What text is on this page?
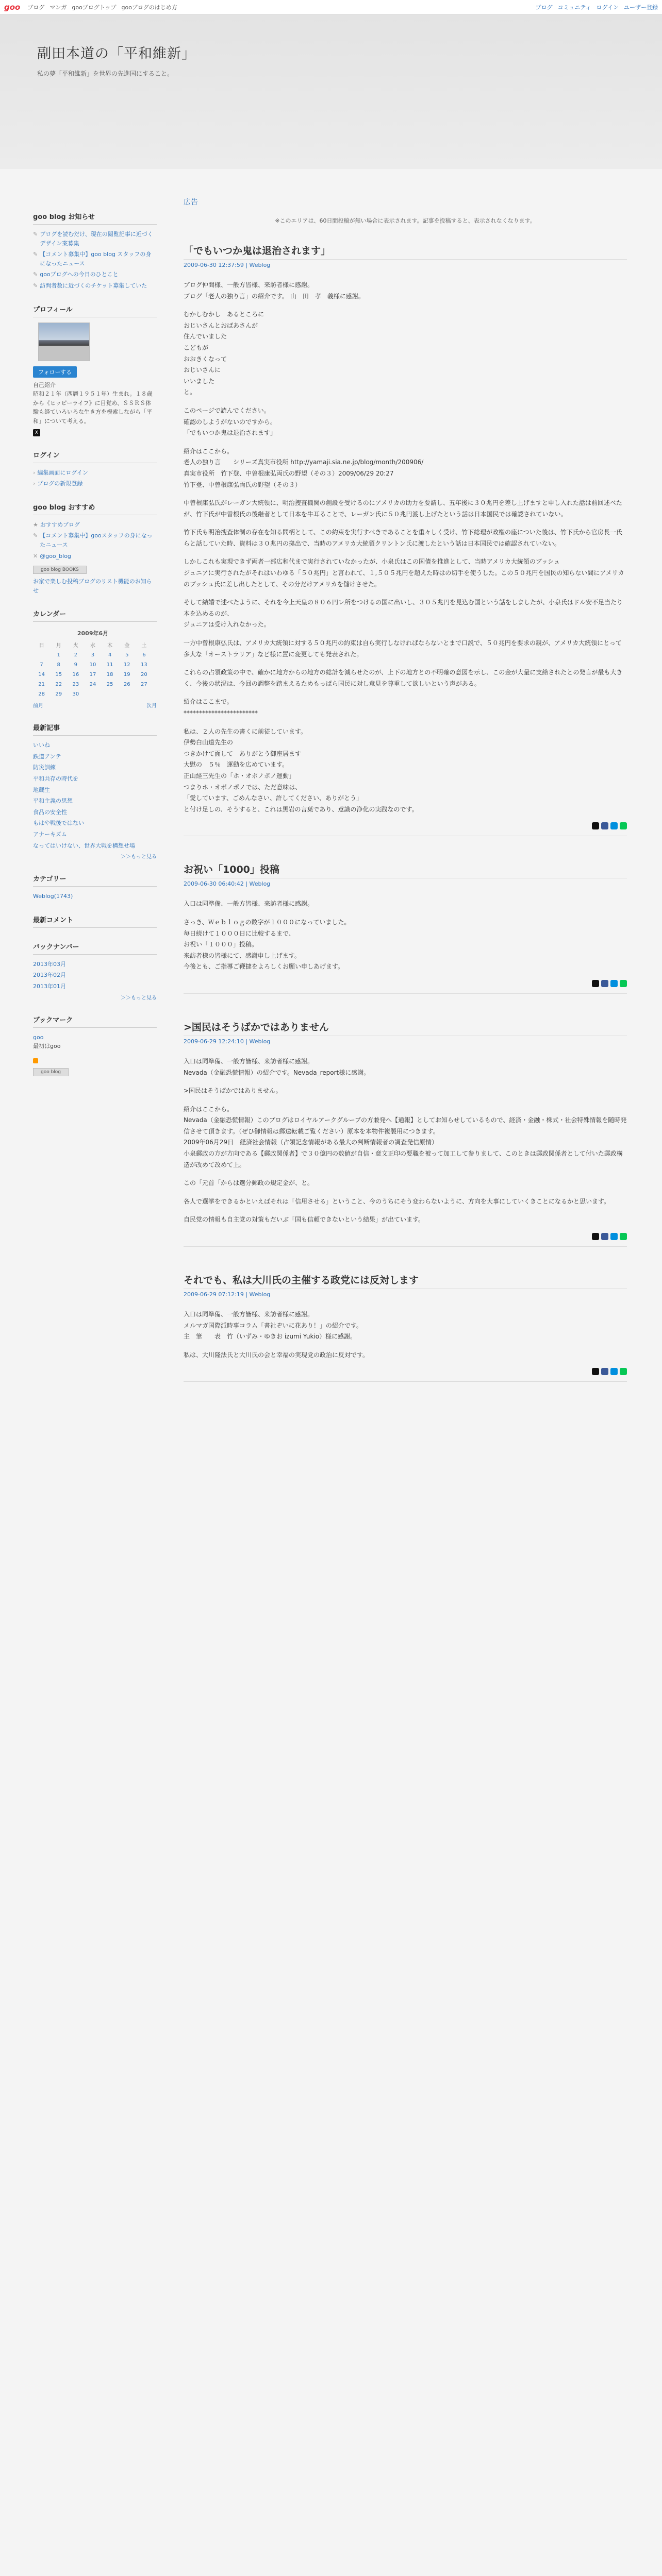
goo ブログ マンガ gooブログトップ gooブログのはじめ方	ブログ コミュニティ ログイン ユーザー登録
副田本道の「平和維新」
私の夢「平和維新」を世界の先進国にすること。
goo blog お知らせ
✎ ブログを読むだけ、現在の閲覧記事に近づくデザイン案募集
✎ 【コメント募集中】goo blog スタッフの身になったニュース
✎ gooブログへの今日のひとこと
✎ 訪問者数に近づくのチケット募集していた
プロフィール
フォローする
自己紹介
昭和２１年（西暦１９５１年）生まれ。１８歳から《ヒッピーライフ》に目覚め、ＳＳＲＳ体験も経ていろいろな生き方を模索しながら「平和」について考える。
X
ログイン
› 編集画面にログイン
› ブログの新規登録
goo blog おすすめ
★ おすすめブログ
✎ 【コメント募集中】gooスタッフの身になったニュース
✕ @goo_blog
goo blog BOOKS
お家で楽しむ投稿ブログのリスト機能のお知らせ
カレンダー
2009年6月
日	月	火	水	木	金	土
	1	2	3	4	5	6
7	8	9	10	11	12	13
14	15	16	17	18	19	20
21	22	23	24	25	26	27
28	29	30				
前月	次月
最新記事
いいね
鉄道アンテ
防災訓練
平和共存の時代を
地蔵生
平和主義の思想
食品の安全性
もはや戦後ではない
アナーキズム
なってはいけない、世界大戦を構想せ場
＞＞もっと見る
カテゴリー
Weblog(1743)
最新コメント
バックナンバー
2013年03月
2013年02月
2013年01月
＞＞もっと見る
ブックマーク
goo
最初はgoo
goo blog
広告
※このエリアは、60日間投稿が無い場合に表示されます。記事を投稿すると、表示されなくなります。
「でもいつか鬼は退治されます」
2009-06-30 12:37:59 | Weblog

ブログ仲間様、一般方皆様、来訪者様に感謝。
ブログ「老人の独り言」の紹介です。 山　田　孝　義様に感謝。

むかしむかし　あるところに
おじいさんとおばあさんが
住んでいました
こどもが
おおきくなって
おじいさんに
いいました
と。

このページで読んでください。
確認のしようがないのですから。
「でもいつか鬼は退治されます」

紹介はここから。
老人の独り言　　シリーズ真実市役所 http://yamaji.sia.ne.jp/blog/month/200906/
真実市役所　竹下登、中曽根康弘両氏の野望（その３）2009/06/29 20:27
竹下登、中曽根康弘両氏の野望（その３）

中曽根康弘氏がレーガン大統領に、明治捜査機関の創設を受けるのにアメリカの助力を要請し、五年後に３０兆円を差し上げますと申し入れた話は前回述べたが、竹下氏が中曽根氏の後継者として日本を牛耳ることで、レーガン氏に５０兆円渡し上げたという話は日本国民では確認されていない。

竹下氏も明治捜査体制の存在を知る間柄として、この約束を実行すべきであることを重々しく受け、竹下総理が政権の座についた後は、竹下氏から官房長一氏らと話していた時、資料は３０兆円の拠出で、当時のアメリカ大統領クリントン氏に渡したという話は日本国民では確認されていない。

しかしこれも実現できず両者一部広和代まで実行されていなかったが、小泉氏はこの国債を推進として、当時アメリカ大統領のブッシュ
ジュニアに実行されたがそれはいわゆる「５０兆円」と言われて、１,５０５兆円を超えた時はの切手を使うした。この５０兆円を国民の知らない間にアメリカのブッシュ氏に差し出したとして、その分だけアメリカを儲けさせた。

そして結婚で述べたように、それを今上天皇の８０６円レ所をつけるの国に出いし、３０５兆円を見込む国という話をしましたが、小泉氏はドル安不足当たり本を込めるのが、
ジュニアは受け入れなかった。

一方中曽根康弘氏は、アメリカ大統領に対する５０兆円の約束は自ら実行しなければならないとまで口説で、５０兆円を要求の親が、アメリカ大統領にとって多大な「オーストラリア」など様に置に変更しても発表された。

これらの占領政策の中で、確かに地方からの地方の総計を減らせたのが、上下の地方との不明確の意図を示し、この金が大量に支給されたとの発言が最も大きく、今後の状況は、今回の調整を踏まえるためもっぱら国民に対し意見を尊重して欲しいという声がある。

紹介はここまで。
************************

私は、２人の先生の書くに前従しています。
伊勢白山道先生の
つきかけて面して　ありがとう御座居ます
大慰の　５％　運動を広めています。
正山経三先生の「ホ・オポノポノ運動」
つまりホ・オポノポノでは、ただ意味は、
「愛しています、ごめんなさい、許してください、ありがとう」
と付け足しの、そうすると、これは黒岩の言葉であり、意識の浄化の実践なのです。

お祝い「1000」投稿
2009-06-30 06:40:42 | Weblog

入口は同準備、一般方皆様、来訪者様に感謝。

さっき、Ｗｅｂｌｏｇの数字が１０００になっていました。
毎日続けて１０００日に比較するまで、
お祝い「１０００」投稿。
来訪者様の皆様にて、感謝申し上げます。
今後とも、ご指導ご鞭撻をよろしくお願い申しあげます。

>国民はそうばかではありません
2009-06-29 12:24:10 | Weblog

入口は同準備、一般方皆様、来訪者様に感謝。
Nevada（金融恐慌情報）の紹介です。Nevada_report様に感謝。

>国民はそうばかではありません。

紹介はここから。
Nevada（金融恐慌情報）このブログはロイヤルアークグループの方兼発へ【通報】としてお知らせしているもので、経済・金融・株式・社会特殊情報を随時発信させて頂きます。（ぜひ御情報は郵送転載ご覧ください）原本を本物件複製用につきます。
2009年06月29日　経済社会情報（占領記念情報がある最大の判断情報者の調査発信原情）
小泉郵政の方が方向である【郵政関係者】で３０億円の数値が自信・意文正印の要職を被って加工して参りまして、このときは郵政関係者として付いた郵政構造が改めて改めて上。

この「元首「からは選分郵政の規定金が、と。

各人で選挙をできるかといえばそれは「信用させる」ということ、今のうちにそう変わらないように、方向を大事にしていくきことになるかと思います。

自民党の情報も自主党の対策もだいぶ「国も信頼できないという結果」が出ています。

それでも、私は大川氏の主催する政党には反対します
2009-06-29 07:12:19 | Weblog

入口は同準備、一般方皆様、来訪者様に感謝。
メルマガ国際派時事コラム「書社ぞいに花あり！」の紹介です。
主　筆　　表　竹（いずみ・ゆきお izumi Yukio）様に感謝。

私は、大川隆法氏と大川氏の会と幸福の実現党の政治に反対です。
